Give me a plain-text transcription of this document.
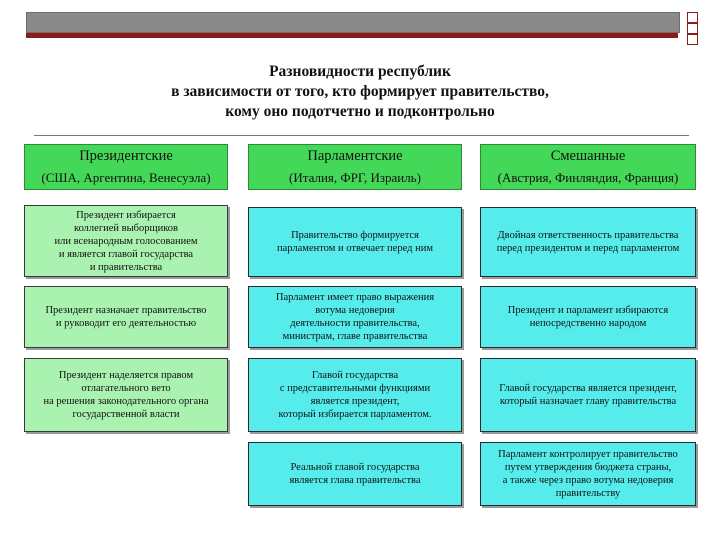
Разновидности республик
в зависимости от того, кто формирует правительство,
кому оно подотчетно и подконтрольно
Президентские
(США, Аргентина, Венесуэла)
Президент избирается
коллегией выборщиков
или всенародным голосованием
и является главой государства
и правительства
Президент назначает правительство
и руководит его деятельностью
Президент наделяется правом
отлагательного вето
на решения законодательного органа
государственной власти
Парламентские
(Италия, ФРГ, Израиль)
Правительство формируется
парламентом и отвечает перед ним
Парламент имеет право выражения
вотума недоверия
деятельности правительства,
министрам, главе правительства
Главой государства
с представительными функциями
является президент,
который избирается парламентом.
Реальной главой государства
является глава правительства
Смешанные
(Австрия, Финляндия, Франция)
Двойная ответственность правительства
перед президентом и перед парламентом
Президент и парламент избираются
непосредственно народом
Главой государства является президент,
который назначает главу правительства
Парламент контролирует правительство
путем утверждения бюджета страны,
а также через право вотума недоверия
правительству
